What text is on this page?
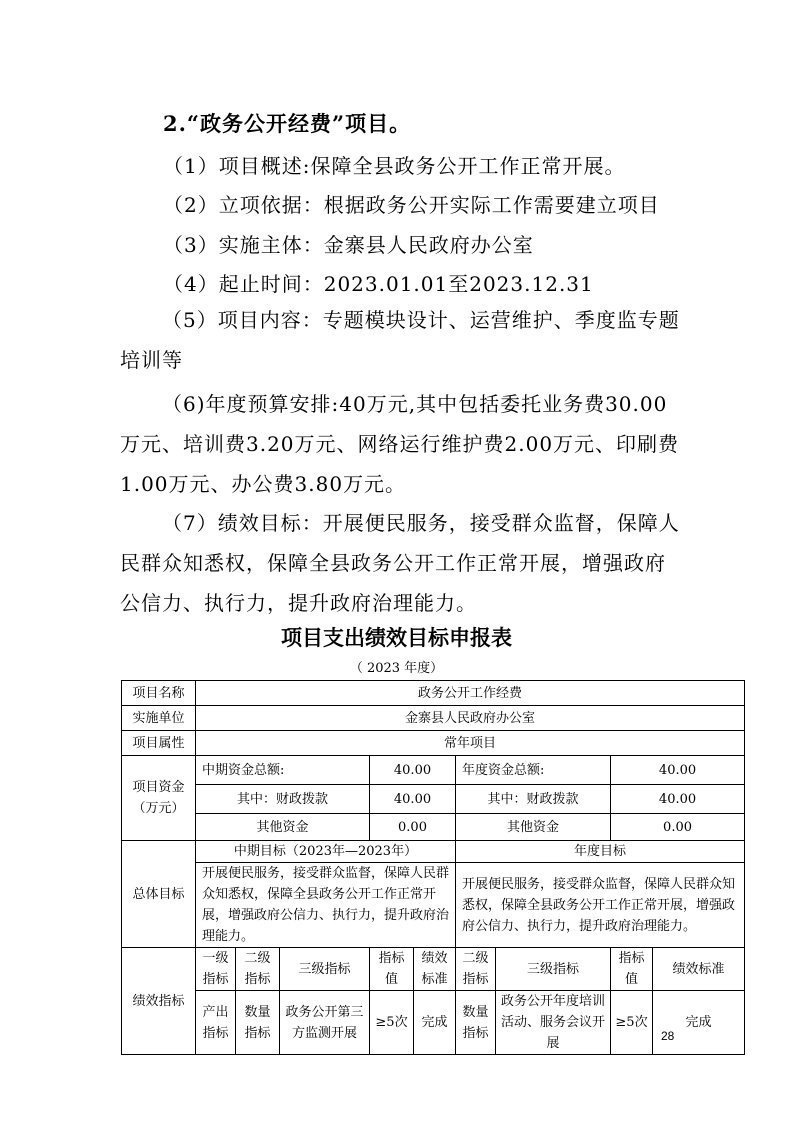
2.“政务公开经费”项目。
（1）项目概述:保障全县政务公开工作正常开展。
（2）立项依据：根据政务公开实际工作需要建立项目
（3）实施主体：金寨县人民政府办公室
（4）起止时间：2023.01.01至2023.12.31
（5）项目内容：专题模块设计、运营维护、季度监专题培训等
（6)年度预算安排:40万元,其中包括委托业务费30.00万元、培训费3.20万元、网络运行维护费2.00万元、印刷费1.00万元、办公费3.80万元。
（7）绩效目标：开展便民服务，接受群众监督，保障人民群众知悉权，保障全县政务公开工作正常开展，增强政府公信力、执行力，提升政府治理能力。
项目支出绩效目标申报表
（ 2023 年度）
项目名称	政务公开工作经费								
实施单位	金寨县人民政府办公室								
项目属性	常年项目								
项目资金（万元）	中期资金总额:			40.00		年度资金总额:		40.00	
	其中：财政拨款			40.00		其中：财政拨款		40.00	
	其他资金			0.00		其他资金		0.00	
总体目标	中期目标（2023年—2023年）					年度目标			
	开展便民服务，接受群众监督，保障人民群众知悉权，保障全县政务公开工作正常开展，增强政府公信力、执行力，提升政府治理能力。					开展便民服务，接受群众监督，保障人民群众知悉权，保障全县政务公开工作正常开展，增强政府公信力、执行力，提升政府治理能力。			
绩效指标	一级指标	二级指标	三级指标	指标值	绩效标准	二级指标	三级指标	指标值	绩效标准
	产出指标	数量指标	政务公开第三方监测开展	≥5次	完成	数量指标	政务公开年度培训活动、服务会议开展	≥5次	完成
28
